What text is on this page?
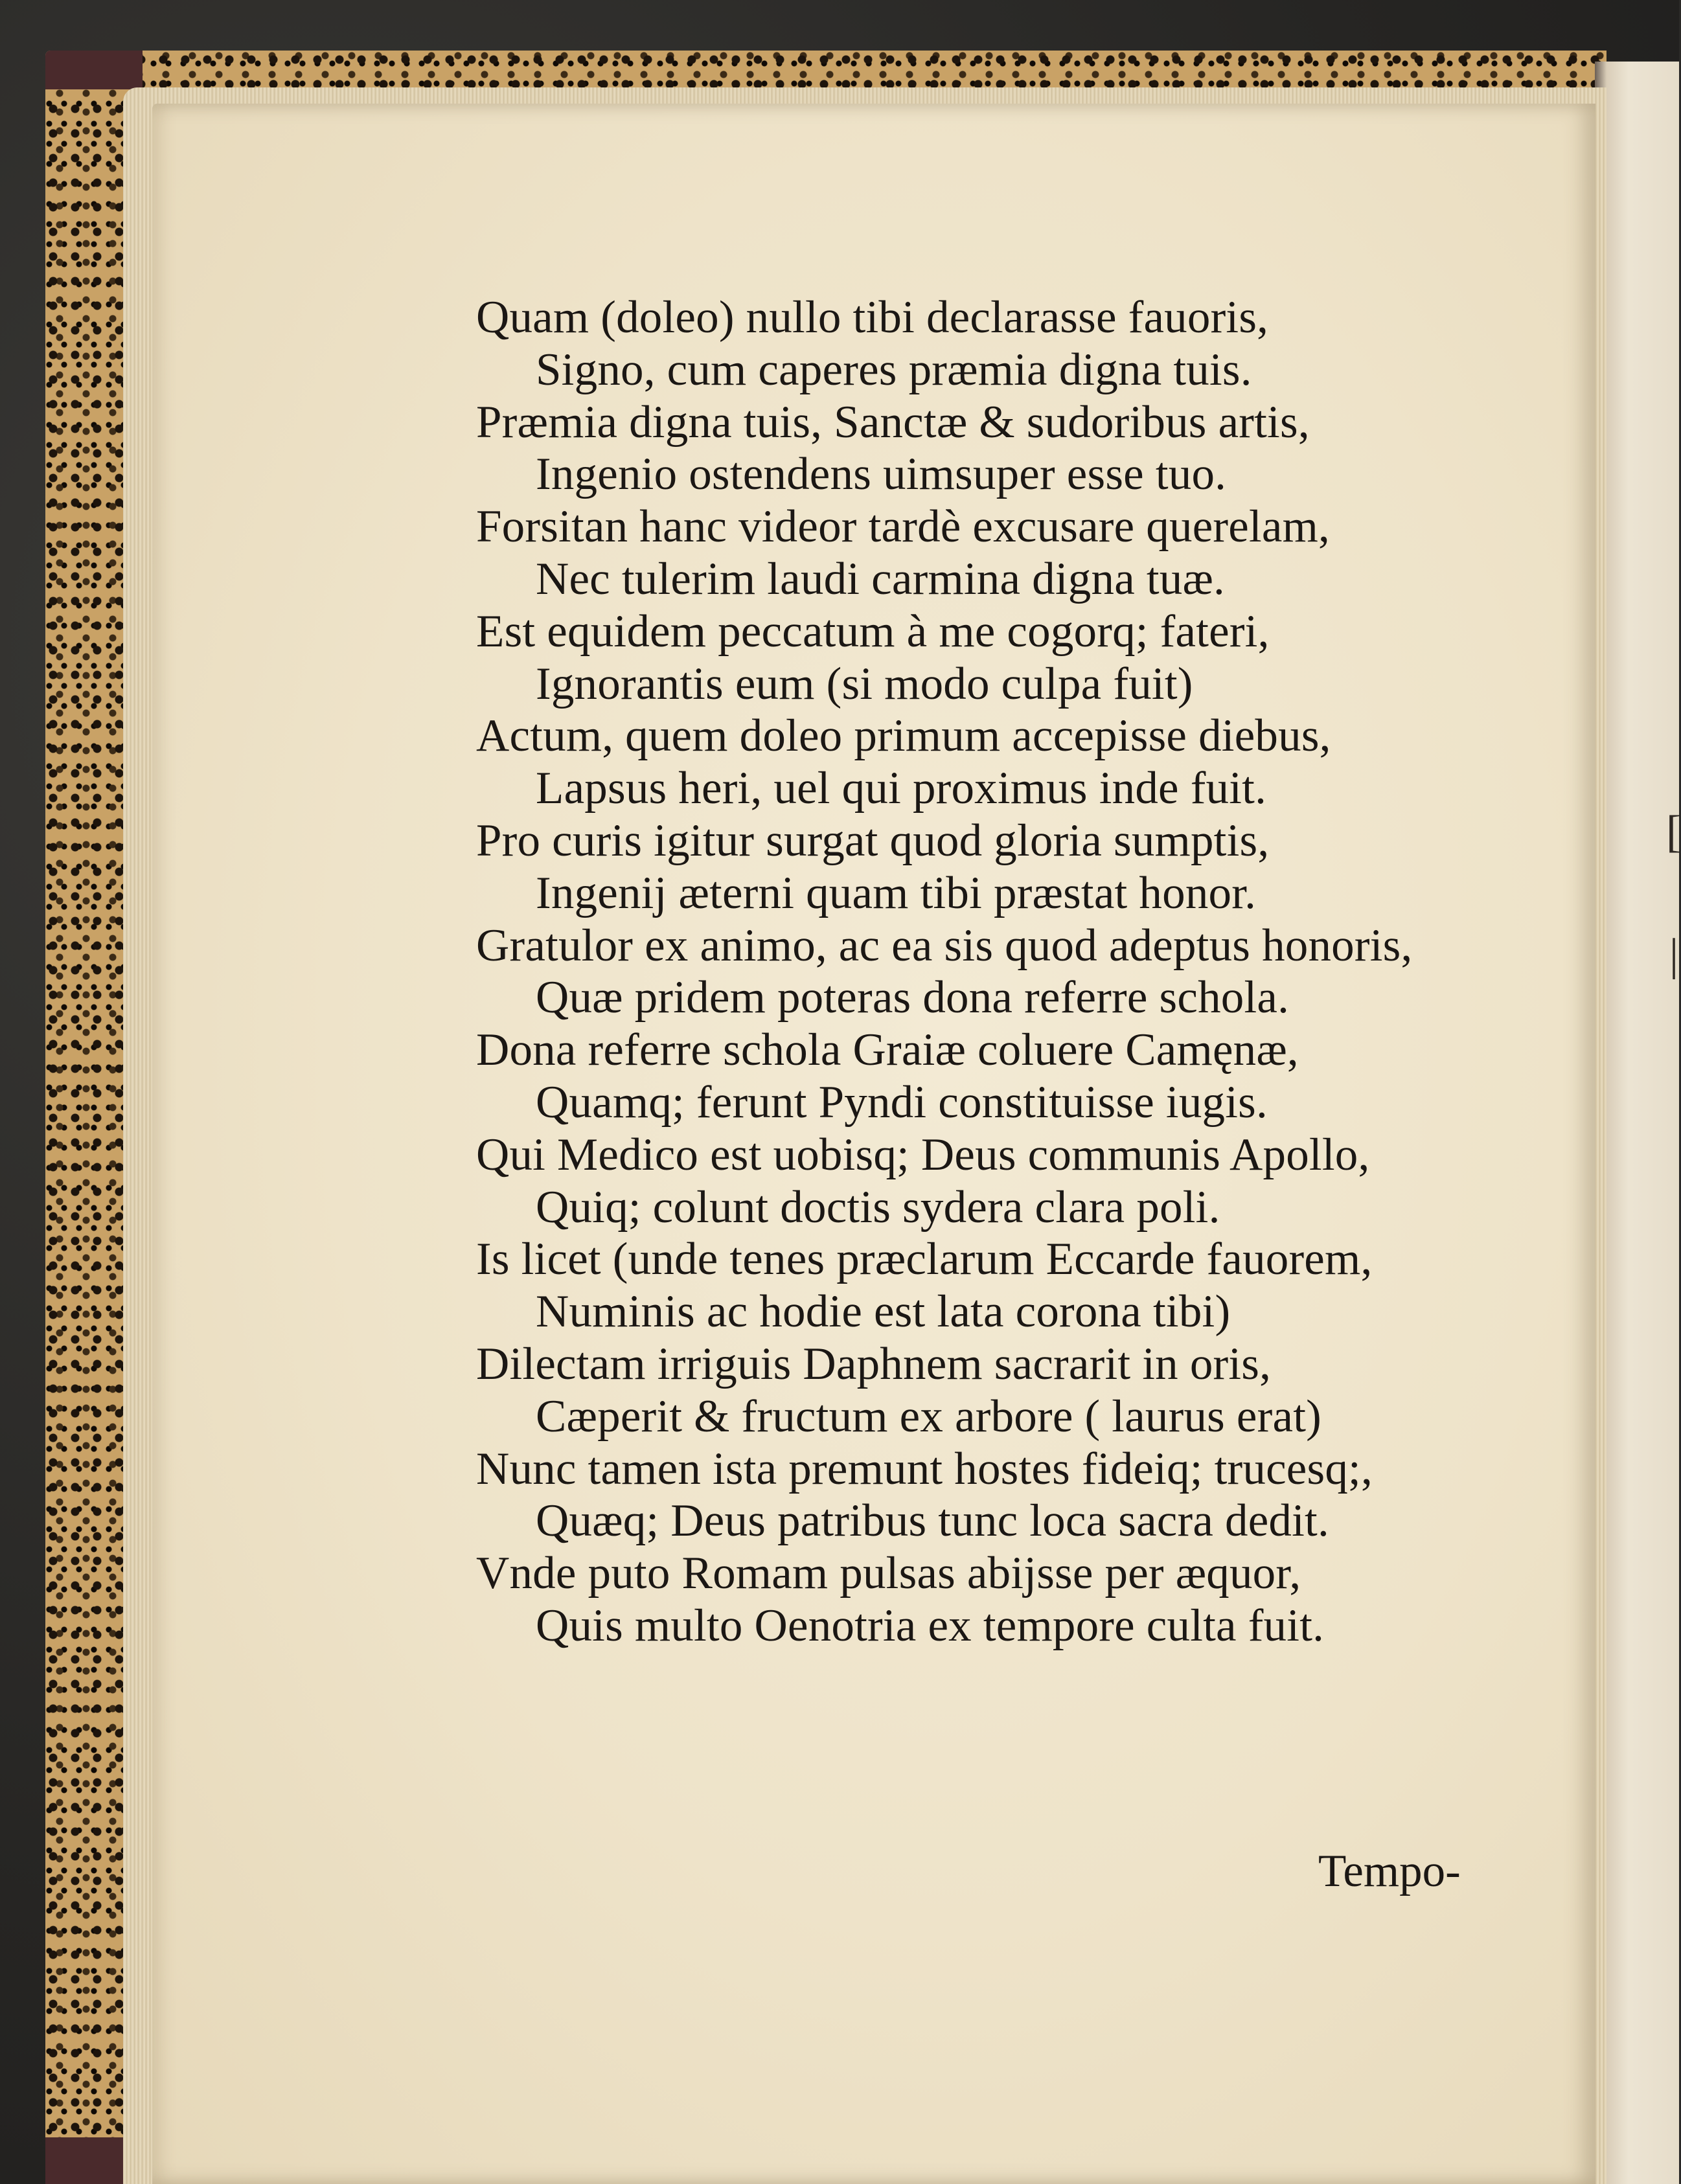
[
|
Quam (doleo) nullo tibi declarasse fauoris,
Signo, cum caperes præmia digna tuis.
Præmia digna tuis, Sanctæ & sudoribus artis,
Ingenio ostendens uimsuper esse tuo.
Forsitan hanc videor tardè excusare querelam,
Nec tulerim laudi carmina digna tuæ.
Est equidem peccatum à me cogorq; fateri,
Ignorantis eum (si modo culpa fuit)
Actum, quem doleo primum accepisse diebus,
Lapsus heri, uel qui proximus inde fuit.
Pro curis igitur surgat quod gloria sumptis,
Ingenij æterni quam tibi præstat honor.
Gratulor ex animo, ac ea sis quod adeptus honoris,
Quæ pridem poteras dona referre schola.
Dona referre schola Graiæ coluere Camęnæ,
Quamq; ferunt Pyndi constituisse iugis.
Qui Medico est uobisq; Deus communis Apollo,
Quiq; colunt doctis sydera clara poli.
Is licet (unde tenes præclarum Eccarde fauorem,
Numinis ac hodie est lata corona tibi)
Dilectam irriguis Daphnem sacrarit in oris,
Cæperit & fructum ex arbore ( laurus erat)
Nunc tamen ista premunt hostes fideiq; trucesq;,
Quæq; Deus patribus tunc loca sacra dedit.
Vnde puto Romam pulsas abijsse per æquor,
Quis multo Oenotria ex tempore culta fuit.
Tempo-
